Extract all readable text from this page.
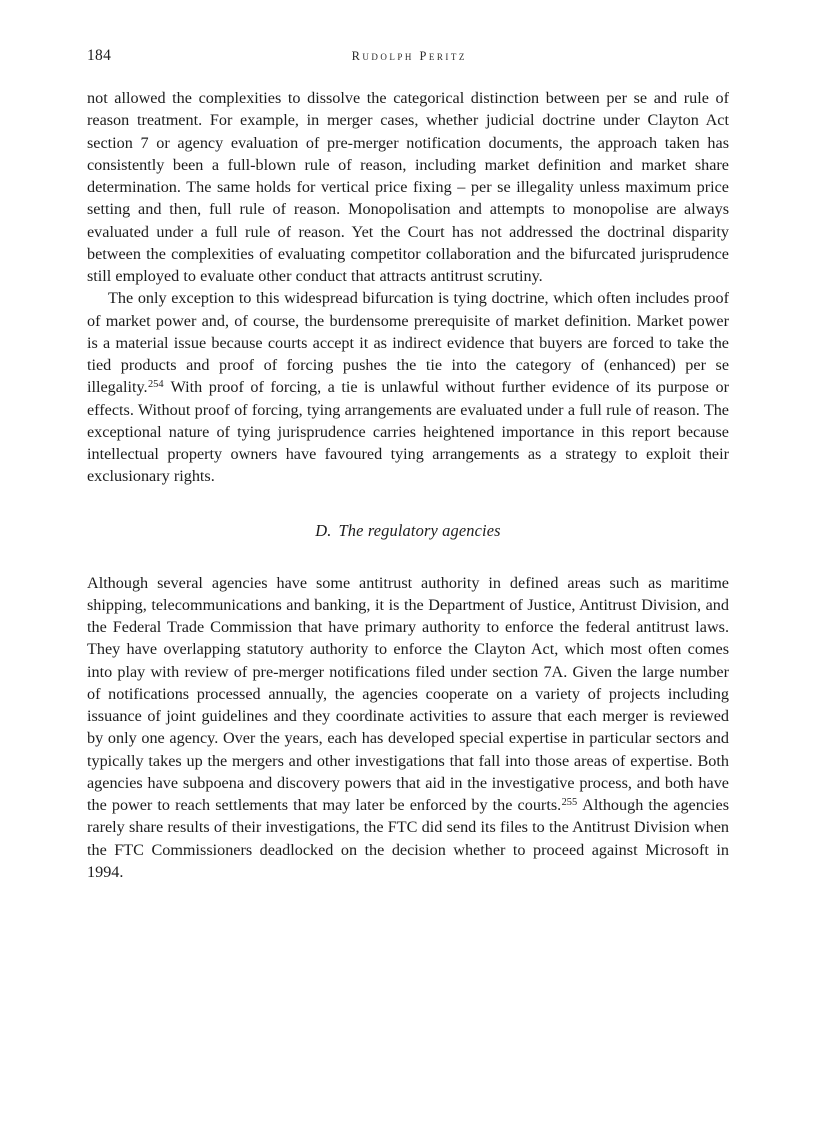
184	Rudolph Peritz

not allowed the complexities to dissolve the categorical distinction between per se and rule of reason treatment. For example, in merger cases, whether judicial doctrine under Clayton Act section 7 or agency evaluation of pre-merger notification documents, the approach taken has consistently been a full-blown rule of reason, including market definition and market share determination. The same holds for vertical price fixing – per se illegality unless maximum price setting and then, full rule of reason. Monopolisation and attempts to monopolise are always evaluated under a full rule of reason. Yet the Court has not addressed the doctrinal disparity between the complexities of evaluating competitor collaboration and the bifurcated jurisprudence still employed to evaluate other conduct that attracts antitrust scrutiny.

The only exception to this widespread bifurcation is tying doctrine, which often includes proof of market power and, of course, the burdensome prerequisite of market definition. Market power is a material issue because courts accept it as indirect evidence that buyers are forced to take the tied products and proof of forcing pushes the tie into the category of (enhanced) per se illegality.$^{254}$ With proof of forcing, a tie is unlawful without further evidence of its purpose or effects. Without proof of forcing, tying arrangements are evaluated under a full rule of reason. The exceptional nature of tying jurisprudence carries heightened importance in this report because intellectual property owners have favoured tying arrangements as a strategy to exploit their exclusionary rights.

D. The regulatory agencies

Although several agencies have some antitrust authority in defined areas such as maritime shipping, telecommunications and banking, it is the Department of Justice, Antitrust Division, and the Federal Trade Commission that have primary authority to enforce the federal antitrust laws. They have overlapping statutory authority to enforce the Clayton Act, which most often comes into play with review of pre-merger notifications filed under section 7A. Given the large number of notifications processed annually, the agencies cooperate on a variety of projects including issuance of joint guidelines and they coordinate activities to assure that each merger is reviewed by only one agency. Over the years, each has developed special expertise in particular sectors and typically takes up the mergers and other investigations that fall into those areas of expertise. Both agencies have subpoena and discovery powers that aid in the investigative process, and both have the power to reach settlements that may later be enforced by the courts.$^{255}$ Although the agencies rarely share results of their investigations, the FTC did send its files to the Antitrust Division when the FTC Commissioners deadlocked on the decision whether to proceed against Microsoft in 1994.
